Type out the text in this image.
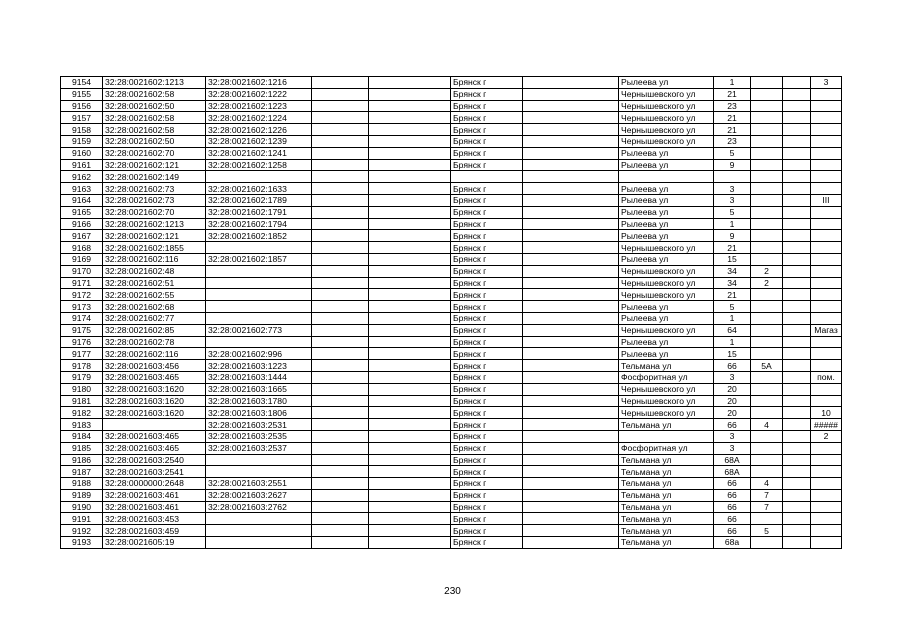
9154	32:28:0021602:1213	32:28:0021602:1216			Брянск г		Рылеева ул	1			3
9155	32:28:0021602:58	32:28:0021602:1222			Брянск г		Чернышевского ул	21			
9156	32:28:0021602:50	32:28:0021602:1223			Брянск г		Чернышевского ул	23			
9157	32:28:0021602:58	32:28:0021602:1224			Брянск г		Чернышевского ул	21			
9158	32:28:0021602:58	32:28:0021602:1226			Брянск г		Чернышевского ул	21			
9159	32:28:0021602:50	32:28:0021602:1239			Брянск г		Чернышевского ул	23			
9160	32:28:0021602:70	32:28:0021602:1241			Брянск г		Рылеева ул	5			
9161	32:28:0021602:121	32:28:0021602:1258			Брянск г		Рылеева ул	9			
9162	32:28:0021602:149										
9163	32:28:0021602:73	32:28:0021602:1633			Брянск г		Рылеева ул	3			
9164	32:28:0021602:73	32:28:0021602:1789			Брянск г		Рылеева ул	3			III
9165	32:28:0021602:70	32:28:0021602:1791			Брянск г		Рылеева ул	5			
9166	32:28:0021602:1213	32:28:0021602:1794			Брянск г		Рылеева ул	1			
9167	32:28:0021602:121	32:28:0021602:1852			Брянск г		Рылеева ул	9			
9168	32:28:0021602:1855				Брянск г		Чернышевского ул	21			
9169	32:28:0021602:116	32:28:0021602:1857			Брянск г		Рылеева ул	15			
9170	32:28:0021602:48				Брянск г		Чернышевского ул	34	2		
9171	32:28:0021602:51				Брянск г		Чернышевского ул	34	2		
9172	32:28:0021602:55				Брянск г		Чернышевского ул	21			
9173	32:28:0021602:68				Брянск г		Рылеева ул	5			
9174	32:28:0021602:77				Брянск г		Рылеева ул	1			
9175	32:28:0021602:85	32:28:0021602:773			Брянск г		Чернышевского ул	64			Магаз
9176	32:28:0021602:78				Брянск г		Рылеева ул	1			
9177	32:28:0021602:116	32:28:0021602:996			Брянск г		Рылеева ул	15			
9178	32:28:0021603:456	32:28:0021603:1223			Брянск г		Тельмана ул	66	5А		
9179	32:28:0021603:465	32:28:0021603:1444			Брянск г		Фосфоритная ул	3			пом.
9180	32:28:0021603:1620	32:28:0021603:1665			Брянск г		Чернышевского ул	20			
9181	32:28:0021603:1620	32:28:0021603:1780			Брянск г		Чернышевского ул	20			
9182	32:28:0021603:1620	32:28:0021603:1806			Брянск г		Чернышевского ул	20			10
9183		32:28:0021603:2531			Брянск г		Тельмана ул	66	4		#####
9184	32:28:0021603:465	32:28:0021603:2535			Брянск г			3			2
9185	32:28:0021603:465	32:28:0021603:2537			Брянск г		Фосфоритная ул	3			
9186	32:28:0021603:2540				Брянск г		Тельмана ул	68А			
9187	32:28:0021603:2541				Брянск г		Тельмана ул	68А			
9188	32:28:0000000:2648	32:28:0021603:2551			Брянск г		Тельмана ул	66	4		
9189	32:28:0021603:461	32:28:0021603:2627			Брянск г		Тельмана ул	66	7		
9190	32:28:0021603:461	32:28:0021603:2762			Брянск г		Тельмана ул	66	7		
9191	32:28:0021603:453				Брянск г		Тельмана ул	66			
9192	32:28:0021603:459				Брянск г		Тельмана ул	66	5		
9193	32:28:0021605:19				Брянск г		Тельмана ул	68а			
230
